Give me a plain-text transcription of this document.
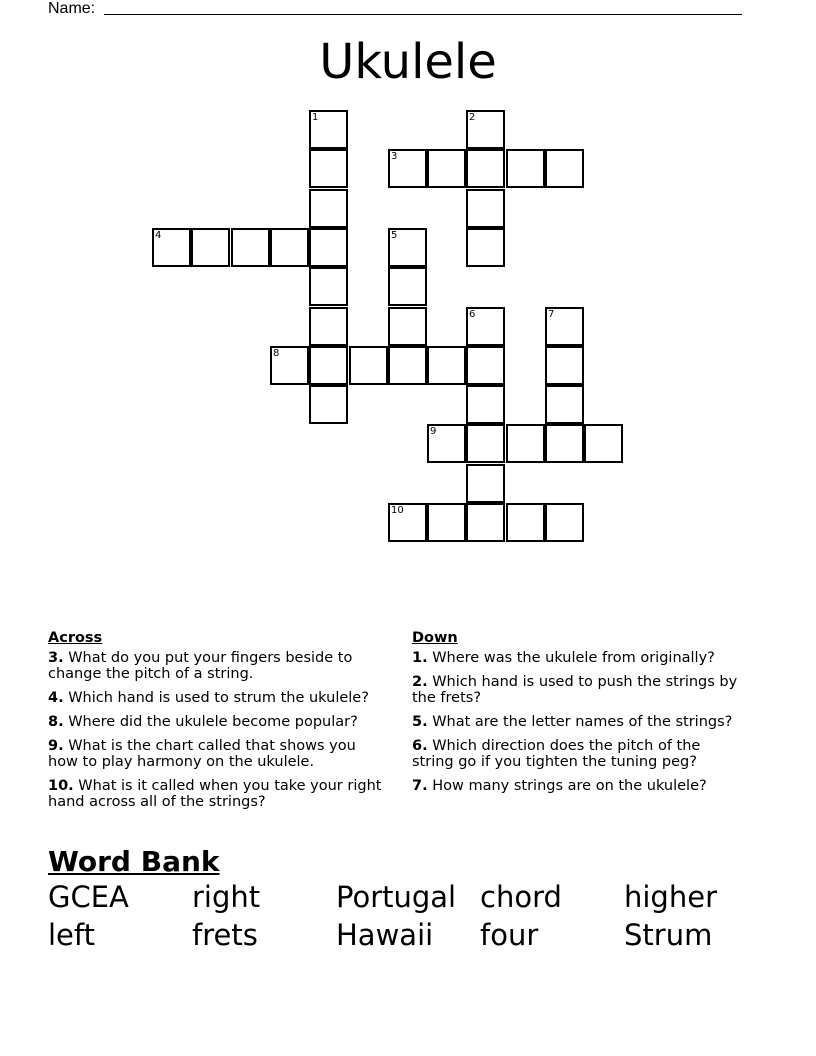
Name:
Ukulele
1	2
3
4	5
6	7
8
9
10
Across
3. What do you put your fingers beside to change the pitch of a string.
4. Which hand is used to strum the ukulele?
8. Where did the ukulele become popular?
9. What is the chart called that shows you how to play harmony on the ukulele.
10. What is it called when you take your right hand across all of the strings?
Down
1. Where was the ukulele from originally?
2. Which hand is used to push the strings by the frets?
5. What are the letter names of the strings?
6. Which direction does the pitch of the string go if you tighten the tuning peg?
7. How many strings are on the ukulele?
Word Bank
GCEA right	Portugal chord higher
left	frets	Hawaii four	Strum
